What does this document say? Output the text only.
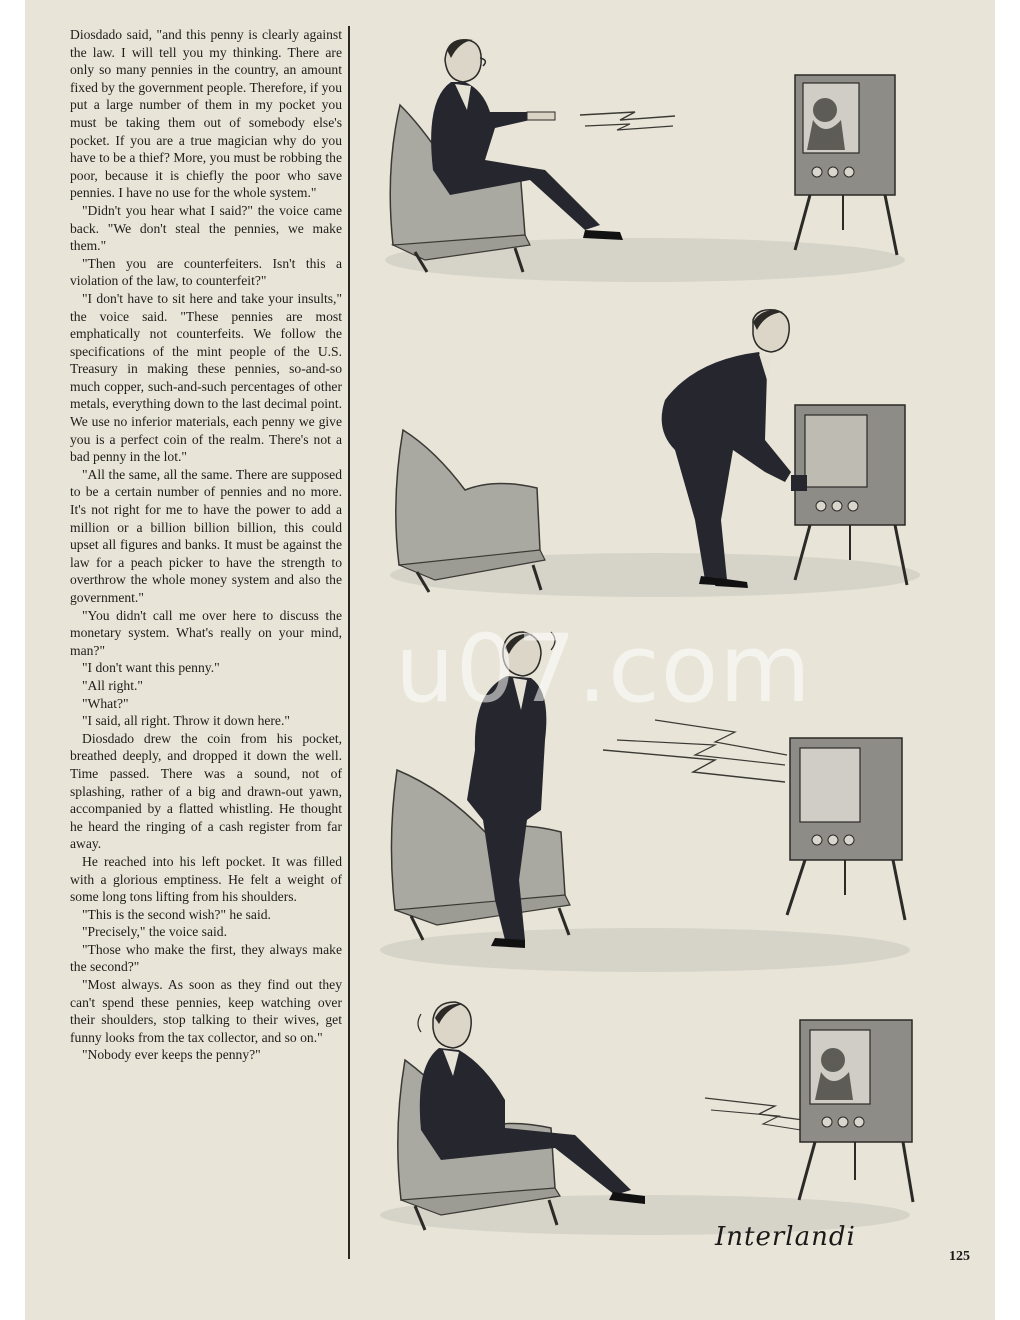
Diosdado said, "and this penny is clearly against the law. I will tell you my thinking. There are only so many pennies in the country, an amount fixed by the government people. Therefore, if you put a large number of them in my pocket you must be taking them out of somebody else's pocket. If you are a true magician why do you have to be a thief? More, you must be robbing the poor, because it is chiefly the poor who save pennies. I have no use for the whole system."

"Didn't you hear what I said?" the voice came back. "We don't steal the pennies, we make them."

"Then you are counterfeiters. Isn't this a violation of the law, to counterfeit?"

"I don't have to sit here and take your insults," the voice said. "These pennies are most emphatically not counterfeits. We follow the specifications of the mint people of the U.S. Treasury in making these pennies, so-and-so much copper, such-and-such percentages of other metals, everything down to the last decimal point. We use no inferior materials, each penny we give you is a perfect coin of the realm. There's not a bad penny in the lot."

"All the same, all the same. There are supposed to be a certain number of pennies and no more. It's not right for me to have the power to add a million or a billion billion billion, this could upset all figures and banks. It must be against the law for a peach picker to have the strength to overthrow the whole money system and also the government."

"You didn't call me over here to discuss the monetary system. What's really on your mind, man?"

"I don't want this penny."

"All right."

"What?"

"I said, all right. Throw it down here."

Diosdado drew the coin from his pocket, breathed deeply, and dropped it down the well. Time passed. There was a sound, not of splashing, rather of a big and drawn-out yawn, accompanied by a flatted whistling. He thought he heard the ringing of a cash register from far away.

He reached into his left pocket. It was filled with a glorious emptiness. He felt a weight of some long tons lifting from his shoulders.

"This is the second wish?" he said.

"Precisely," the voice said.

"Those who make the first, they always make the second?"

"Most always. As soon as they find out they can't spend these pennies, keep watching over their shoulders, stop talking to their wives, get funny looks from the tax collector, and so on."

"Nobody ever keeps the penny?"

u07.com
Interlandi
125
